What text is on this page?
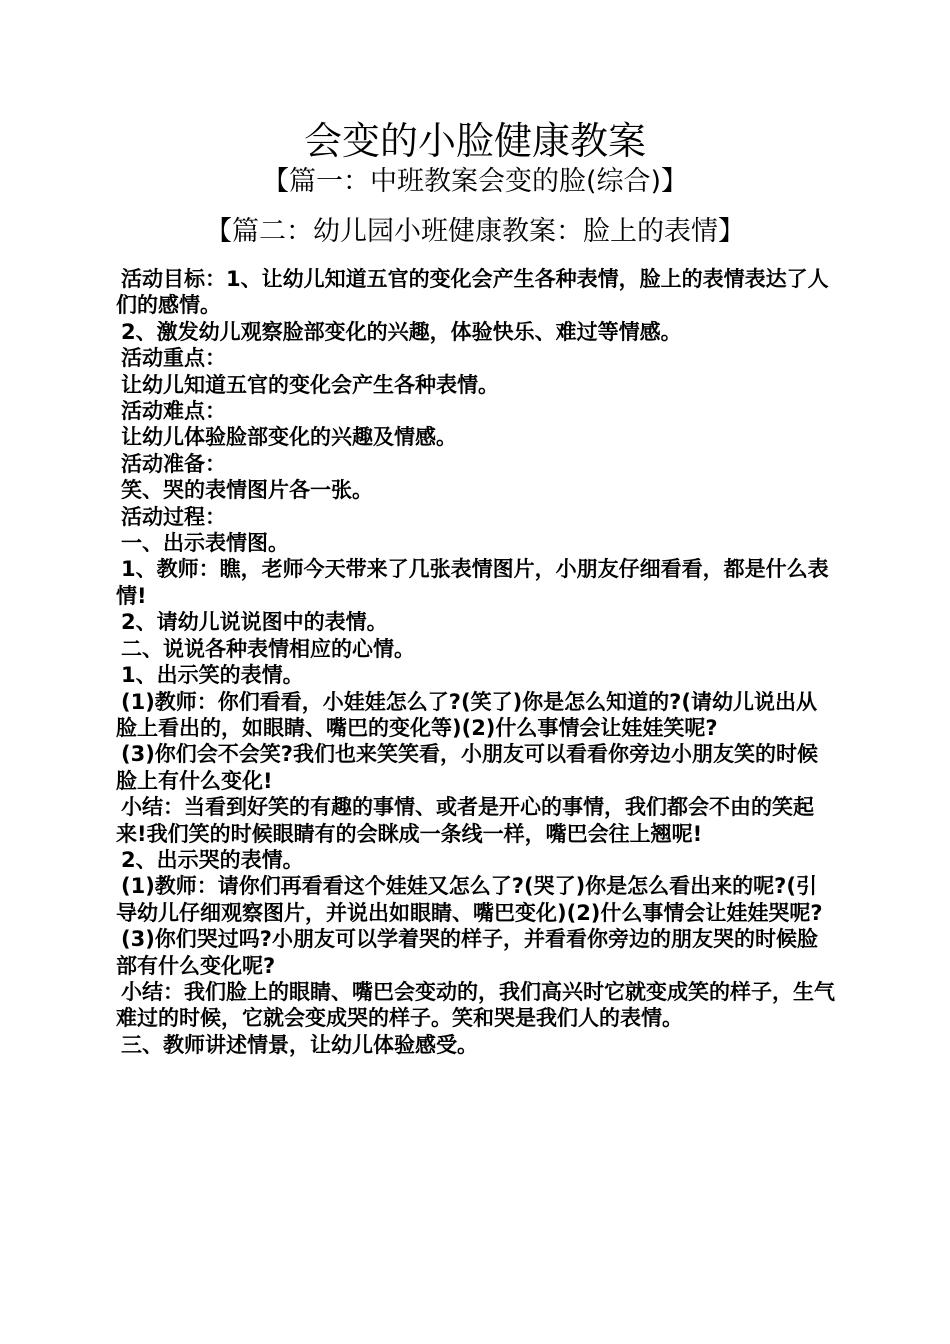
会变的小脸健康教案
【篇一：中班教案会变的脸(综合)】
【篇二：幼儿园小班健康教案：脸上的表情】

活动目标：1、让幼儿知道五官的变化会产生各种表情，脸上的表情表达了人们的感情。

2、激发幼儿观察脸部变化的兴趣，体验快乐、难过等情感。

活动重点：

让幼儿知道五官的变化会产生各种表情。

活动难点：

让幼儿体验脸部变化的兴趣及情感。

活动准备：

笑、哭的表情图片各一张。

活动过程：

一、出示表情图。

1、教师：瞧，老师今天带来了几张表情图片，小朋友仔细看看，都是什么表情!

2、请幼儿说说图中的表情。

二、说说各种表情相应的心情。

1、出示笑的表情。

(1)教师：你们看看，小娃娃怎么了?(笑了)你是怎么知道的?(请幼儿说出从脸上看出的，如眼睛、嘴巴的变化等)(2)什么事情会让娃娃笑呢?

(3)你们会不会笑?我们也来笑笑看，小朋友可以看看你旁边小朋友笑的时候脸上有什么变化!

小结：当看到好笑的有趣的事情、或者是开心的事情，我们都会不由的笑起来!我们笑的时候眼睛有的会眯成一条线一样，嘴巴会往上翘呢!

2、出示哭的表情。

(1)教师：请你们再看看这个娃娃又怎么了?(哭了)你是怎么看出来的呢?(引导幼儿仔细观察图片，并说出如眼睛、嘴巴变化)(2)什么事情会让娃娃哭呢?

(3)你们哭过吗?小朋友可以学着哭的样子，并看看你旁边的朋友哭的时候脸部有什么变化呢?

小结：我们脸上的眼睛、嘴巴会变动的，我们高兴时它就变成笑的样子，生气难过的时候，它就会变成哭的样子。笑和哭是我们人的表情。

三、教师讲述情景，让幼儿体验感受。
